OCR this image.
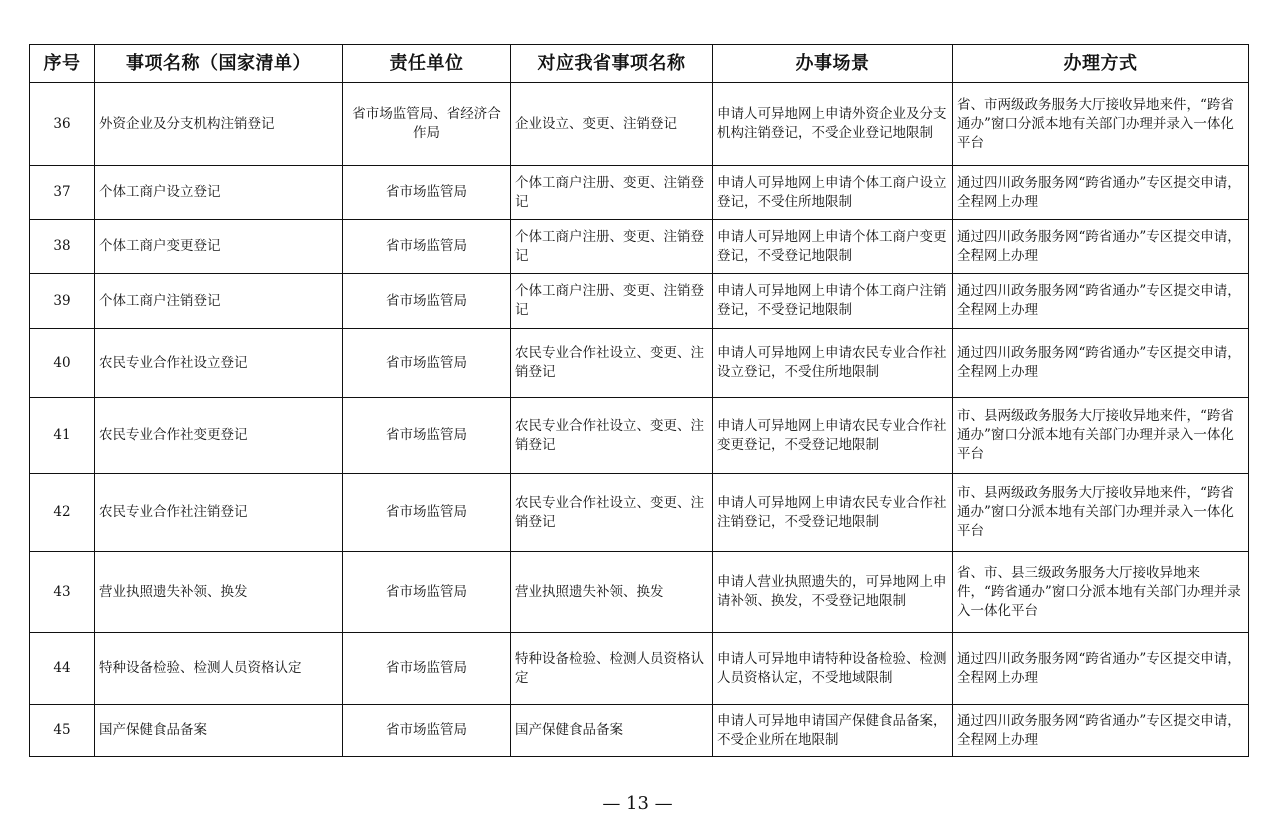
序号	事项名称（国家清单）	责任单位	对应我省事项名称	办事场景	办理方式
36	外资企业及分支机构注销登记	省市场监管局、省经济合作局	企业设立、变更、注销登记	申请人可异地网上申请外资企业及分支机构注销登记，不受企业登记地限制	省、市两级政务服务大厅接收异地来件，“跨省通办”窗口分派本地有关部门办理并录入一体化平台
37	个体工商户设立登记	省市场监管局	个体工商户注册、变更、注销登记	申请人可异地网上申请个体工商户设立登记，不受住所地限制	通过四川政务服务网“跨省通办”专区提交申请，全程网上办理
38	个体工商户变更登记	省市场监管局	个体工商户注册、变更、注销登记	申请人可异地网上申请个体工商户变更登记，不受登记地限制	通过四川政务服务网“跨省通办”专区提交申请，全程网上办理
39	个体工商户注销登记	省市场监管局	个体工商户注册、变更、注销登记	申请人可异地网上申请个体工商户注销登记，不受登记地限制	通过四川政务服务网“跨省通办”专区提交申请，全程网上办理
40	农民专业合作社设立登记	省市场监管局	农民专业合作社设立、变更、注销登记	申请人可异地网上申请农民专业合作社设立登记，不受住所地限制	通过四川政务服务网“跨省通办”专区提交申请，全程网上办理
41	农民专业合作社变更登记	省市场监管局	农民专业合作社设立、变更、注销登记	申请人可异地网上申请农民专业合作社变更登记，不受登记地限制	市、县两级政务服务大厅接收异地来件，“跨省通办”窗口分派本地有关部门办理并录入一体化平台
42	农民专业合作社注销登记	省市场监管局	农民专业合作社设立、变更、注销登记	申请人可异地网上申请农民专业合作社注销登记，不受登记地限制	市、县两级政务服务大厅接收异地来件，“跨省通办”窗口分派本地有关部门办理并录入一体化平台
43	营业执照遗失补领、换发	省市场监管局	营业执照遗失补领、换发	申请人营业执照遗失的，可异地网上申请补领、换发，不受登记地限制	省、市、县三级政务服务大厅接收异地来件，“跨省通办”窗口分派本地有关部门办理并录入一体化平台
44	特种设备检验、检测人员资格认定	省市场监管局	特种设备检验、检测人员资格认定	申请人可异地申请特种设备检验、检测人员资格认定，不受地域限制	通过四川政务服务网“跨省通办”专区提交申请，全程网上办理
45	国产保健食品备案	省市场监管局	国产保健食品备案	申请人可异地申请国产保健食品备案，不受企业所在地限制	通过四川政务服务网“跨省通办”专区提交申请，全程网上办理
— 13 —
